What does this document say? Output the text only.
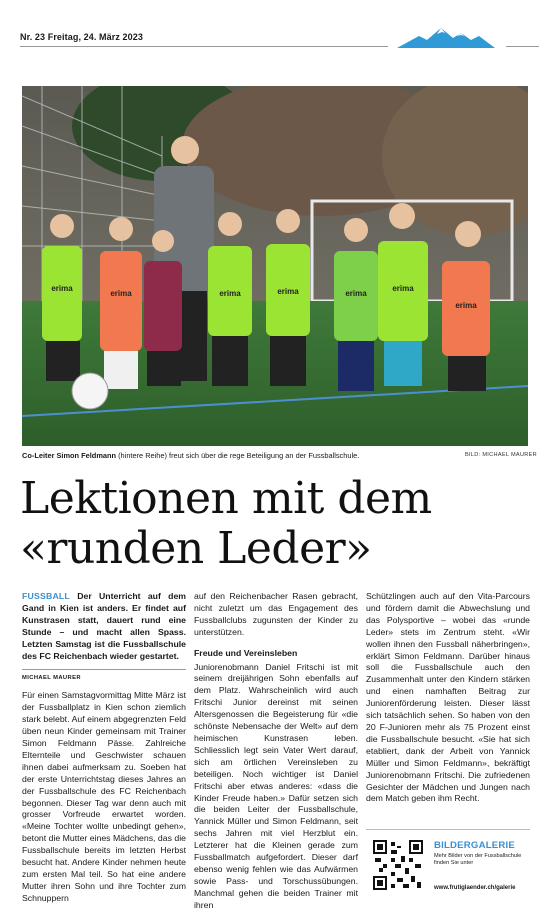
Nr. 23 Freitag, 24. März 2023
erima
erima	erima	erima	erima
erima
erima
Co-Leiter Simon Feldmann (hintere Reihe) freut sich über die rege Beteiligung an der Fussballschule.	BILD: MICHAEL MAURER
Lektionen mit dem
«runden Leder»

FUSSBALL Der Unterricht auf dem Gand in Kien ist anders. Er findet auf Kunstrasen statt, dauert rund eine Stunde – und macht allen Spass. Letzten Samstag ist die Fussballschule des FC Reichenbach wieder gestartet.

MICHAEL MAURER

Für einen Samstagvormittag Mitte März ist der Fussballplatz in Kien schon ziemlich stark belebt. Auf einem abgegrenzten Feld üben neun Kinder gemeinsam mit Trainer Simon Feldmann Pässe. Zahlreiche Elternteile und Geschwister schauen ihnen dabei aufmerksam zu. Soeben hat der erste Unterrichtstag dieses Jahres an der Fussballschule des FC Reichenbach begonnen. Dieser Tag war denn auch mit grosser Vorfreude erwartet worden. «Meine Tochter wollte unbedingt gehen», betont die Mutter eines Mädchens, das die Fussballschule bereits im letzten Herbst besucht hat. Andere Kinder nehmen heute zum ersten Mal teil. So hat eine andere Mutter ihren Sohn und ihre Tochter zum Schnuppern

auf den Reichenbacher Rasen gebracht, nicht zuletzt um das Engagement des Fussballclubs zugunsten der Kinder zu unterstützen.

Freude und Vereinsleben

Juniorenobmann Daniel Fritschi ist mit seinem dreijährigen Sohn ebenfalls auf dem Platz. Wahrscheinlich wird auch Fritschi Junior dereinst mit seinen Altersgenossen die Begeisterung für «die schönste Nebensache der Welt» auf dem heimischen Kunstrasen leben. Schliesslich legt sein Vater Wert darauf, sich am örtlichen Vereinsleben zu beteiligen. Noch wichtiger ist Daniel Fritschi aber etwas anderes: «dass die Kinder Freude haben.» Dafür setzen sich die beiden Leiter der Fussballschule, Yannick Müller und Simon Feldmann, seit sechs Jahren mit viel Herzblut ein. Letzterer hat die Kleinen gerade zum Fussballmatch aufgefordert. Dieser darf ebenso wenig fehlen wie das Aufwärmen sowie Pass- und Torschussübungen. Manchmal gehen die beiden Trainer mit ihren

Schützlingen auch auf den Vita-Parcours und fördern damit die Abwechslung und das Polysportive – wobei das «runde Leder» stets im Zentrum steht. «Wir wollen ihnen den Fussball näherbringen», erklärt Simon Feldmann. Darüber hinaus soll die Fussballschule auch den Zusammenhalt unter den Kindern stärken und einen namhaften Beitrag zur Juniorenförderung leisten. Dieser lässt sich tatsächlich sehen. So haben von den 20 F-Junioren mehr als 75 Prozent einst die Fussballschule besucht. «Sie hat sich etabliert, dank der Arbeit von Yannick Müller und Simon Feldmann», bekräftigt Juniorenobmann Fritschi. Die zufriedenen Gesichter der Mädchen und Jungen nach dem Match geben ihm Recht.

BILDERGALERIE
Mehr Bilder von der Fussballschule finden Sie unter
www.frutiglaender.ch/galerie
